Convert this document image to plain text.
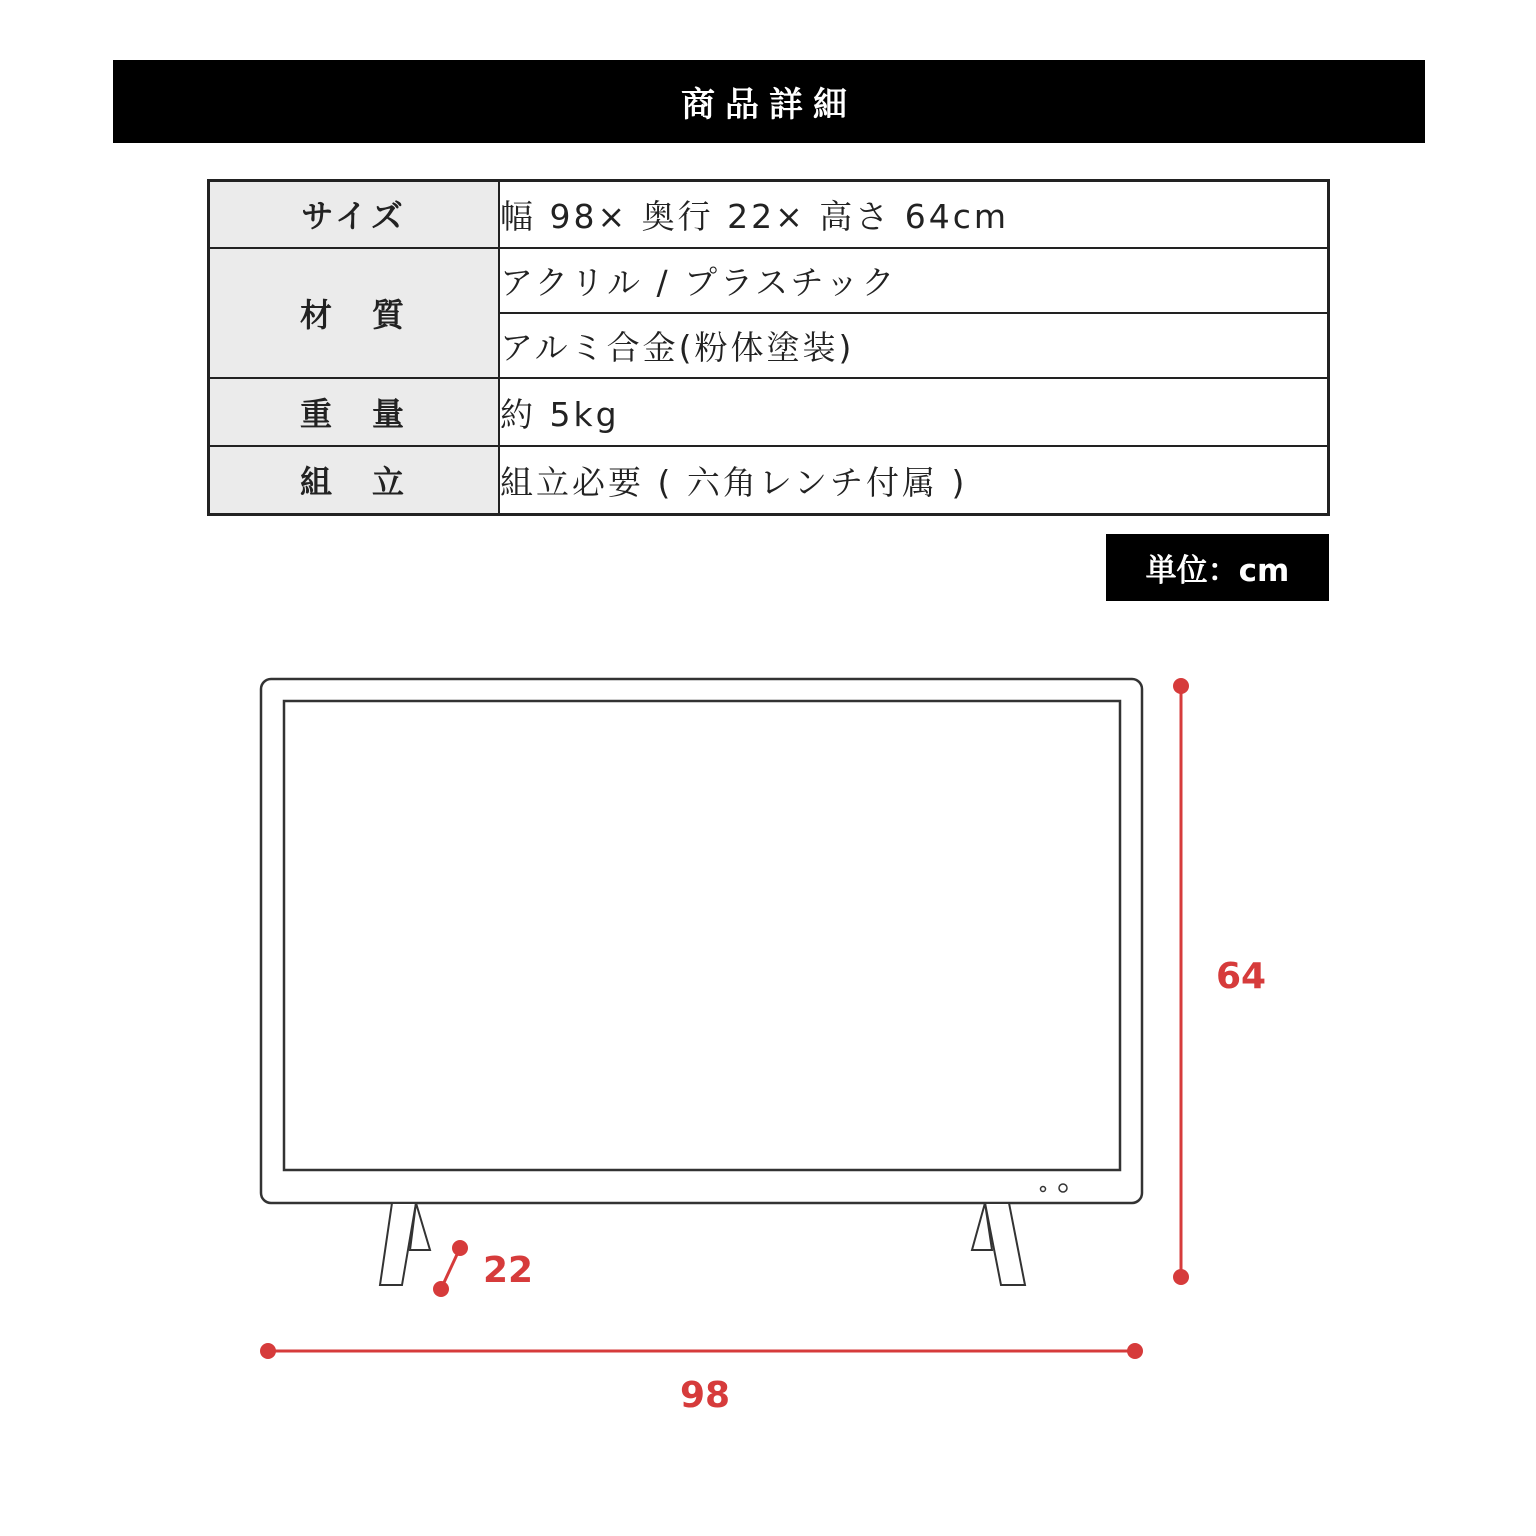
商品詳細
サイズ	幅 98× 奥行 22× 高さ 64cm
材　質	アクリル / プラスチック
	アルミ合金(粉体塗装)
重　量	約 5kg
組　立	組立必要 ( 六角レンチ付属 )
単位：cm
64
98
22
